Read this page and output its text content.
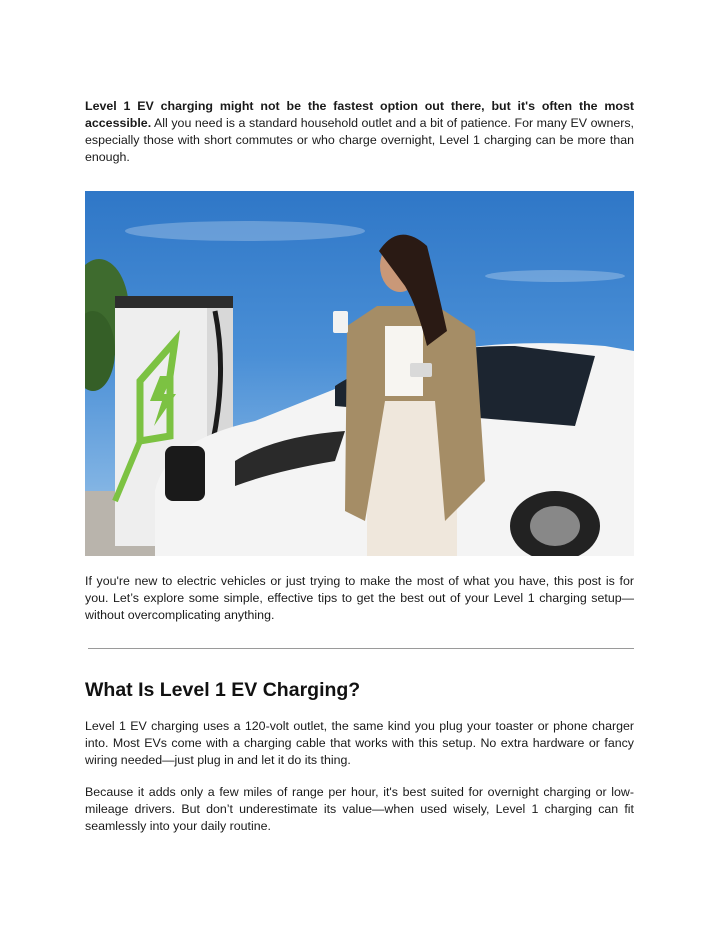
Level 1 EV charging might not be the fastest option out there, but it's often the most accessible. All you need is a standard household outlet and a bit of patience. For many EV owners, especially those with short commutes or who charge overnight, Level 1 charging can be more than enough.

If you're new to electric vehicles or just trying to make the most of what you have, this post is for you. Let’s explore some simple, effective tips to get the best out of your Level 1 charging setup—without overcomplicating anything.

What Is Level 1 EV Charging?

Level 1 EV charging uses a 120-volt outlet, the same kind you plug your toaster or phone charger into. Most EVs come with a charging cable that works with this setup. No extra hardware or fancy wiring needed—just plug in and let it do its thing.

Because it adds only a few miles of range per hour, it's best suited for overnight charging or low-mileage drivers. But don’t underestimate its value—when used wisely, Level 1 charging can fit seamlessly into your daily routine.
